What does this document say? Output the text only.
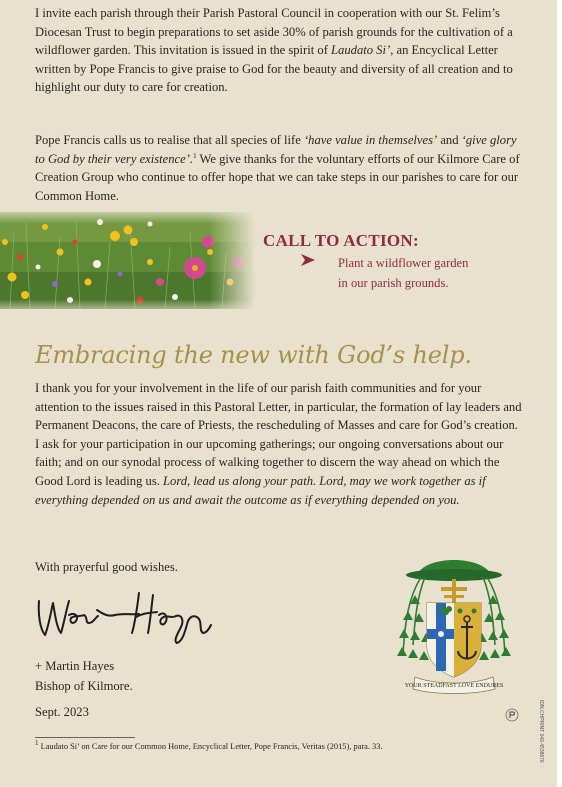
I invite each parish through their Parish Pastoral Council in cooperation with our St. Felim’s Diocesan Trust to begin preparations to set aside 30% of parish grounds for the cultivation of a wildflower garden. This invitation is issued in the spirit of Laudato Si’, an Encyclical Letter written by Pope Francis to give praise to God for the beauty and diversity of all creation and to highlight our duty to care for creation.

Pope Francis calls us to realise that all species of life ‘have value in themselves’ and ‘give glory to God by their very existence’.$^1$ We give thanks for the voluntary efforts of our Kilmore Care of Creation Group who continue to offer hope that we can take steps in our parishes to care for our Common Home.

CALL TO ACTION:
Plant a wildflower garden
in our parish grounds.
Embracing the new with God’s help.

I thank you for your involvement in the life of our parish faith communities and for your attention to the issues raised in this Pastoral Letter, in particular, the formation of lay leaders and Permanent Deacons, the care of Priests, the rescheduling of Masses and care for God’s creation. I ask for your participation in our upcoming gatherings; our ongoing conversations about our faith; and on our synodal process of walking together to discern the way ahead on which the Good Lord is leading us. Lord, lead us along your path. Lord, may we work together as if everything depended on us and await the outcome as if everything depended on you.

With prayerful good wishes.
+ Martin Hayes
Bishop of Kilmore.
Sept. 2023
YOUR STEADFAST LOVE ENDURES
IDN.CHPRINT 049 4538676
$^1$ Laudato Si’ on Care for our Common Home, Encyclical Letter, Pope Francis, Veritas (2015), para. 33.
